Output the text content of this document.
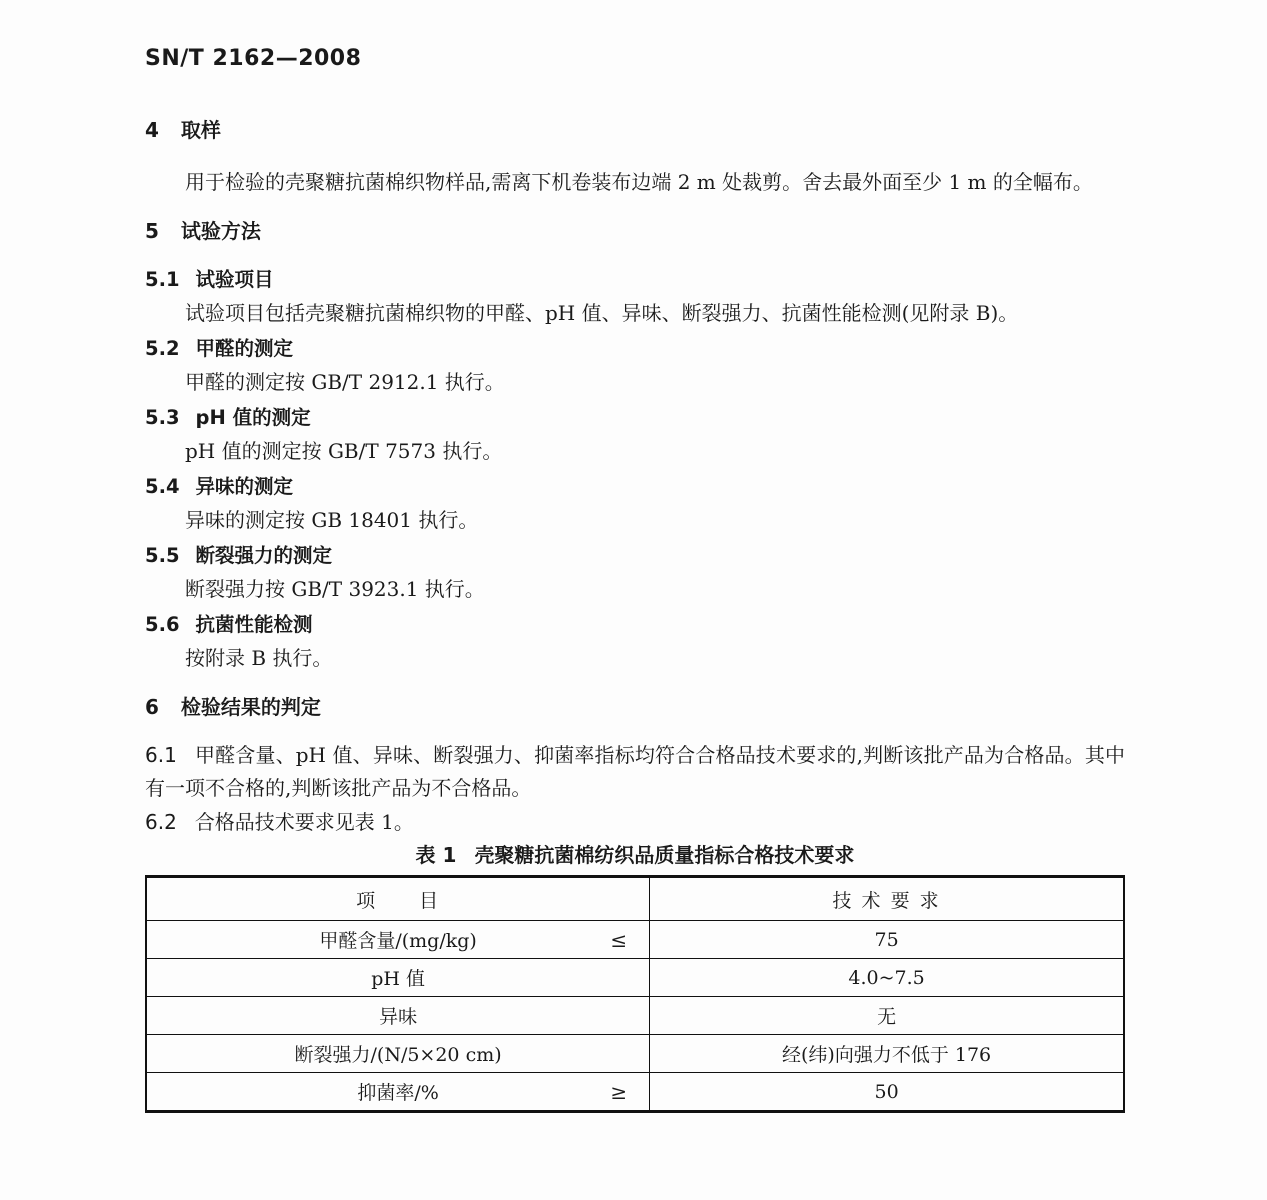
SN/T 2162—2008
4 取样

用于检验的壳聚糖抗菌棉织物样品,需离下机卷装布边端 2 m 处裁剪。舍去最外面至少 1 m 的全幅布。

5 试验方法
5.1 试验项目

试验项目包括壳聚糖抗菌棉织物的甲醛、pH 值、异味、断裂强力、抗菌性能检测(见附录 B)。

5.2 甲醛的测定

甲醛的测定按 GB/T 2912.1 执行。

5.3 pH 值的测定

pH 值的测定按 GB/T 7573 执行。

5.4 异味的测定

异味的测定按 GB 18401 执行。

5.5 断裂强力的测定

断裂强力按 GB/T 3923.1 执行。

5.6 抗菌性能检测

按附录 B 执行。

6 检验结果的判定

6.1 甲醛含量、pH 值、异味、断裂强力、抑菌率指标均符合合格品技术要求的,判断该批产品为合格品。其中有一项不合格的,判断该批产品为不合格品。

6.2 合格品技术要求见表 1。

表 1 壳聚糖抗菌棉纺织品质量指标合格技术要求
项　　目	技 术 要 求
甲醛含量/(mg/kg) ≤	75
pH 值	4.0~7.5
异味	无
断裂强力/(N/5×20 cm)	经(纬)向强力不低于 176
抑菌率/% ≥	50
